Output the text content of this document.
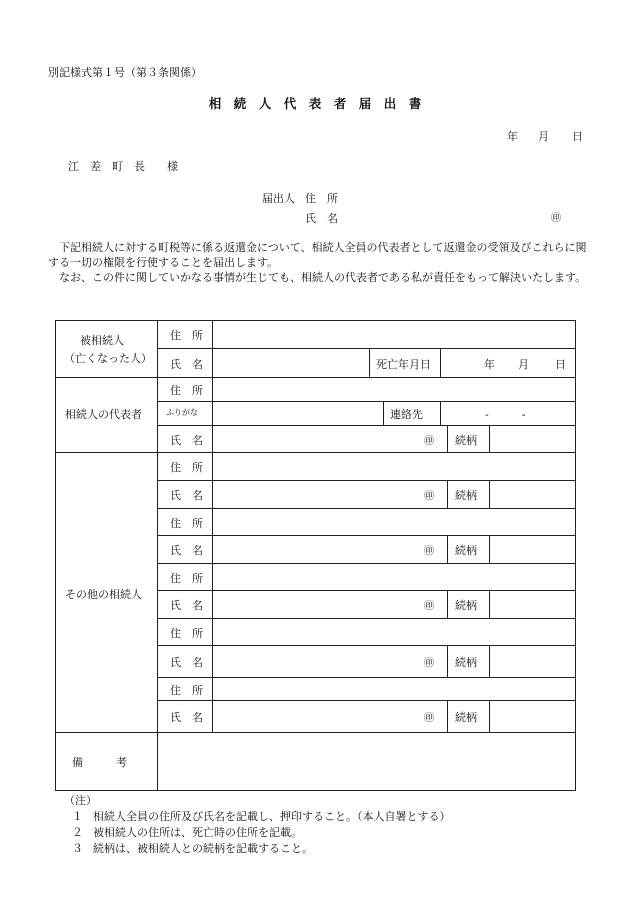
別記様式第１号（第３条関係）
相　続　人　代　表　者　届　出　書
年 月 日
江　差　町　長　　様
届出人 住　所
氏　名	㊞

下記相続人に対する町税等に係る返還金について、相続人全員の代表者として返還金の受領及びこれらに関する一切の権限を行使することを届出します。

なお、この件に関していかなる事情が生じても、相続人の代表者である私が責任をもって解決いたします。

被相続人
（亡くなった人）
住　所
氏　名	死亡年月日	年 月 日
相続人の代表者
住　所
ふりがな	連絡先	-　　　-
氏　名	㊞ 続柄
その他の相続人
住　所
氏　名	㊞ 続柄
住　所
氏　名	㊞ 続柄
住　所
氏　名	㊞ 続柄
住　所
氏　名	㊞ 続柄
住　所
氏　名	㊞ 続柄
備　　　考
（注）
１ 相続人全員の住所及び氏名を記載し、押印すること。（本人自署とする）
２ 被相続人の住所は、死亡時の住所を記載。
３ 続柄は、被相続人との続柄を記載すること。
